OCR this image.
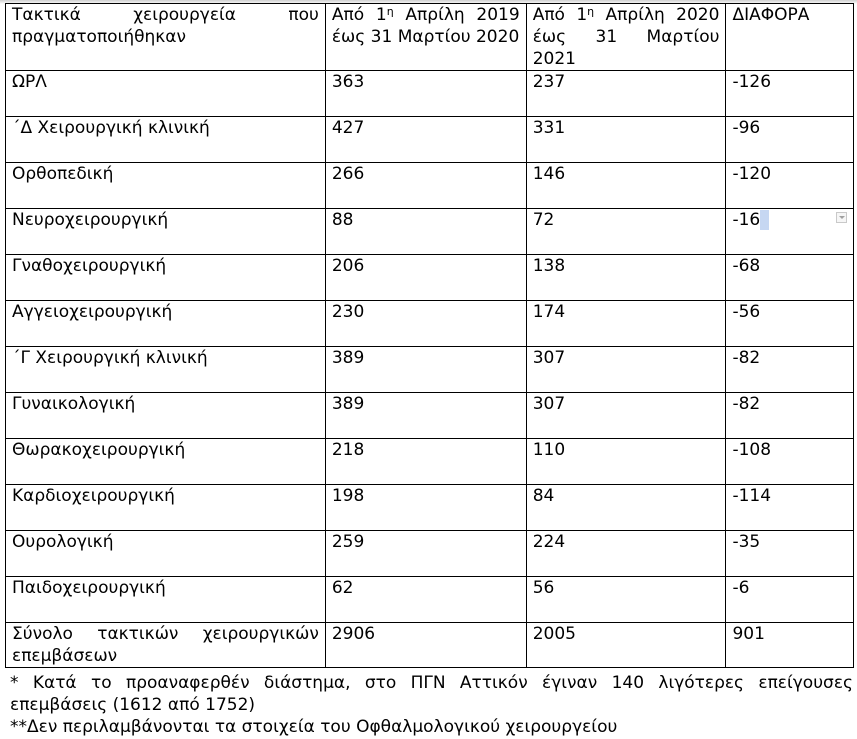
Τακτικά χειρουργεία που πραγματοποιήθηκαν	Από $1^\eta$ Απρίλη 2019 έως 31 Μαρτίου 2020	Από $1^\eta$ Απρίλη 2020 έως 31 Μαρτίου 2021	ΔΙΑΦΟΡΑ
ΩΡΛ	363	237	-126
΄Δ Χειρουργική κλινική	427	331	-96
Ορθοπεδική	266	146	-120
Νευροχειρουργική	88	72	-16

Γναθοχειρουργική	206	138	-68
Αγγειοχειρουργική	230	174	-56
΄Γ Χειρουργική κλινική	389	307	-82
Γυναικολογική	389	307	-82
Θωρακοχειρουργική	218	110	-108
Καρδιοχειρουργική	198	84	-114
Ουρολογική	259	224	-35
Παιδοχειρουργική	62	56	-6
Σύνολο τακτικών χειρουργικών επεμβάσεων	2906	2005	901

* Κατά το προαναφερθέν διάστημα, στο ΠΓΝ Αττικόν έγιναν 140 λιγότερες επείγουσες επεμβάσεις (1612 από 1752)

**Δεν περιλαμβάνονται τα στοιχεία του Οφθαλμολογικού χειρουργείου
